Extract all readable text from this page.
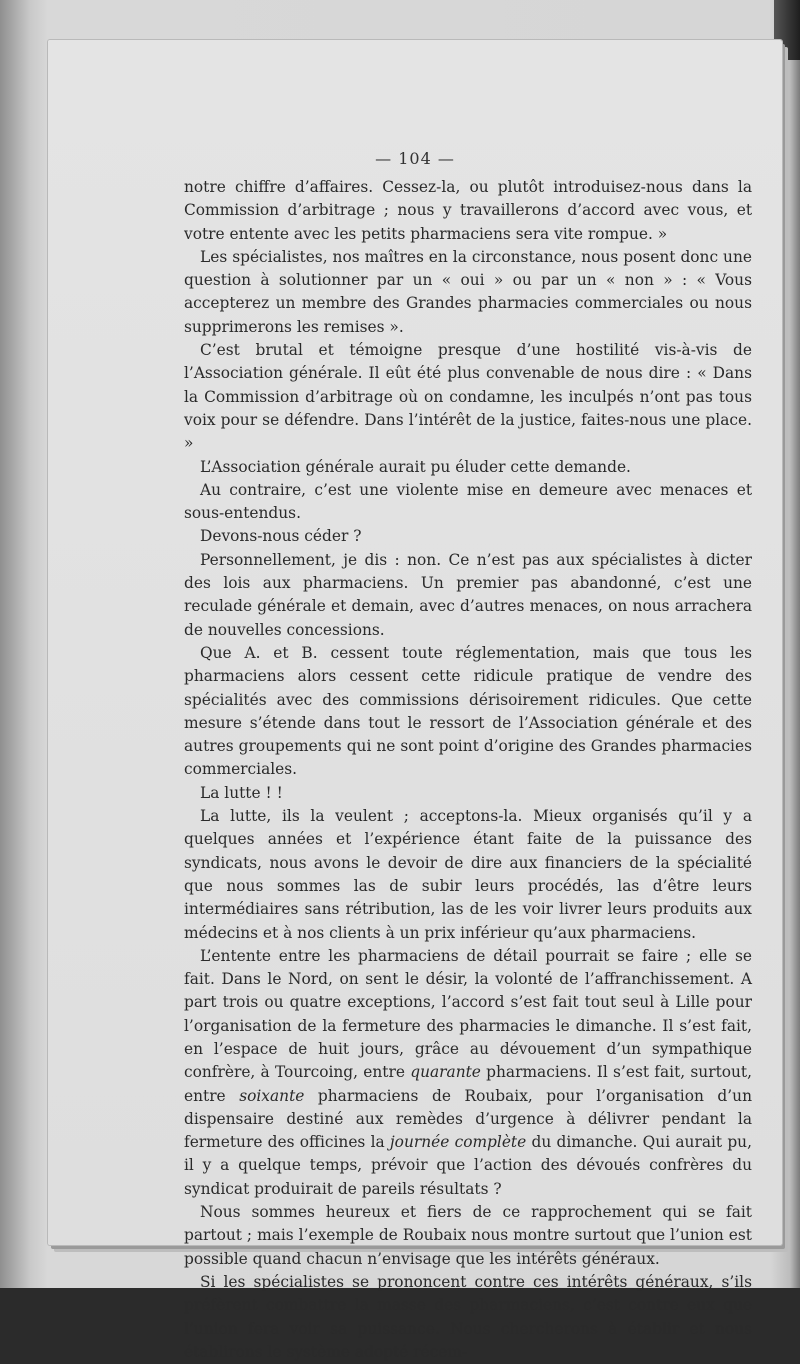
— 104 —

notre chiffre d’affaires. Cessez-la, ou plutôt introduisez-nous dans la Commission d’arbitrage ; nous y travaillerons d’accord avec vous, et votre entente avec les petits pharmaciens sera vite rompue. »

Les spécialistes, nos maîtres en la circonstance, nous posent donc une question à solutionner par un « oui » ou par un « non » : « Vous accepterez un membre des Grandes pharmacies commerciales ou nous supprimerons les remises ».

C’est brutal et témoigne presque d’une hostilité vis-à-vis de l’Association générale. Il eût été plus convenable de nous dire : « Dans la Commission d’arbitrage où on condamne, les inculpés n’ont pas tous voix pour se défendre. Dans l’intérêt de la justice, faites-nous une place. »

L’Association générale aurait pu éluder cette demande.

Au contraire, c’est une violente mise en demeure avec menaces et sous-entendus.

Devons-nous céder ?

Personnellement, je dis : non. Ce n’est pas aux spécialistes à dicter des lois aux pharmaciens. Un premier pas abandonné, c’est une reculade générale et demain, avec d’autres menaces, on nous arrachera de nouvelles concessions.

Que A. et B. cessent toute réglementation, mais que tous les pharmaciens alors cessent cette ridicule pratique de vendre des spécialités avec des commissions dérisoirement ridicules. Que cette mesure s’étende dans tout le ressort de l’Association générale et des autres groupements qui ne sont point d’origine des Grandes pharmacies commerciales.

La lutte ! !

La lutte, ils la veulent ; acceptons-la. Mieux organisés qu’il y a quelques années et l’expérience étant faite de la puissance des syndicats, nous avons le devoir de dire aux financiers de la spécialité que nous sommes las de subir leurs procédés, las d’être leurs intermédiaires sans rétribution, las de les voir livrer leurs produits aux médecins et à nos clients à un prix inférieur qu’aux pharmaciens.

L’entente entre les pharmaciens de détail pourrait se faire ; elle se fait. Dans le Nord, on sent le désir, la volonté de l’affranchissement. A part trois ou quatre exceptions, l’accord s’est fait tout seul à Lille pour l’organisation de la fermeture des pharmacies le dimanche. Il s’est fait, en l’espace de huit jours, grâce au dévouement d’un sympathique confrère, à Tourcoing, entre quarante pharmaciens. Il s’est fait, surtout, entre soixante pharmaciens de Roubaix, pour l’organisation d’un dispensaire destiné aux remèdes d’urgence à délivrer pendant la fermeture des officines la journée complète du dimanche. Qui aurait pu, il y a quelque temps, prévoir que l’action des dévoués confrères du syndicat produirait de pareils résultats ?

Nous sommes heureux et fiers de ce rapprochement qui se fait partout ; mais l’exemple de Roubaix nous montre surtout que l’union est possible quand chacun n’envisage que les intérêts généraux.

Si les spécialistes se prononcent contre ces intérêts généraux, s’ils préfèrent combattre la masse des pharmaciens, c’est contre eux que l’union fera voir sa puissance. Nous chercherons à établir et nous établirons le système adopté récem-
